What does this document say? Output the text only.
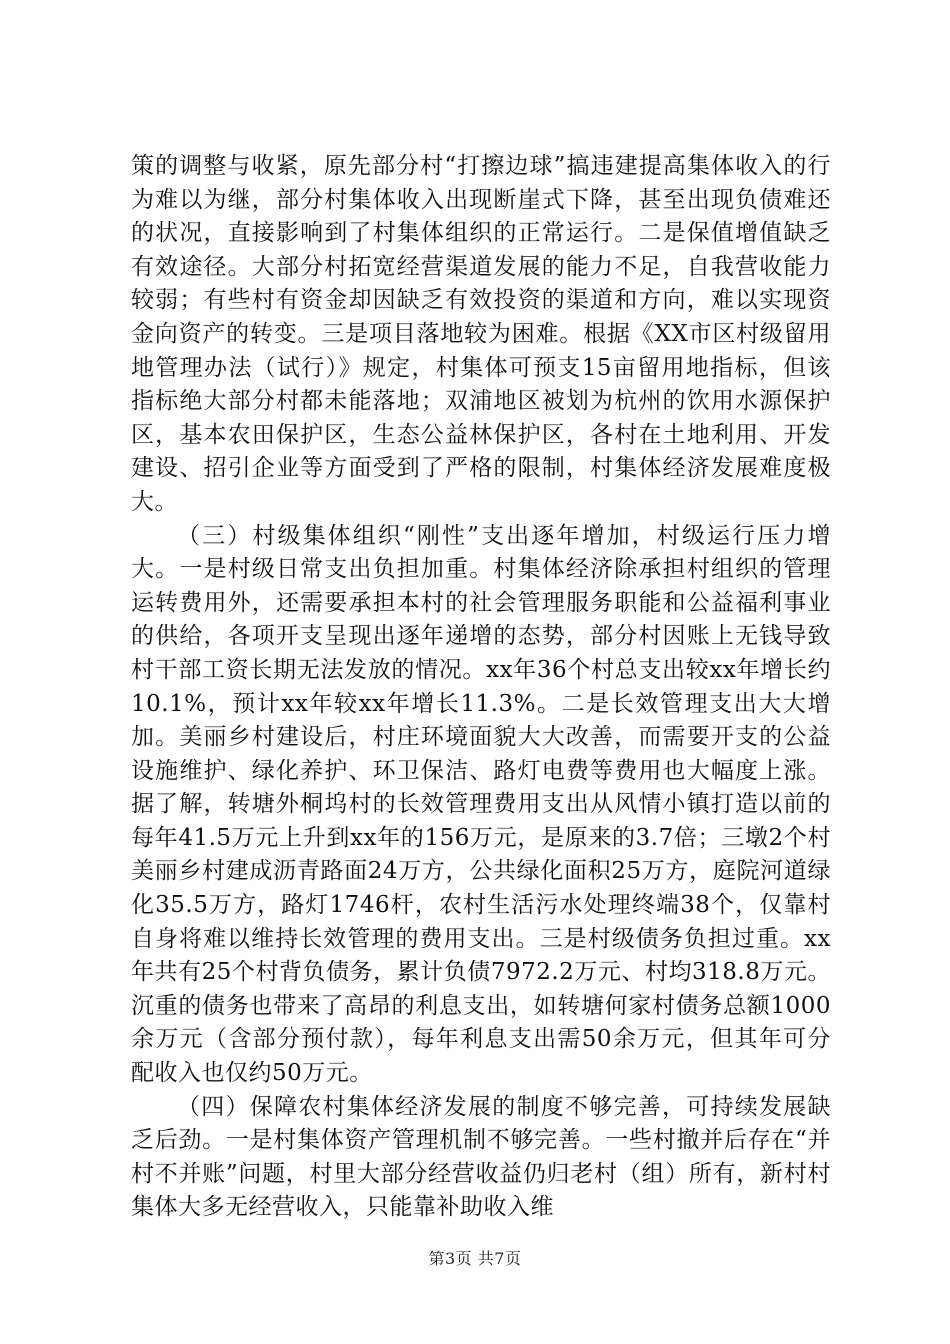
策的调整与收紧，原先部分村“打擦边球”搞违建提高集体收入的行为难以为继，部分村集体收入出现断崖式下降，甚至出现负债难还的状况，直接影响到了村集体组织的正常运行。二是保值增值缺乏有效途径。大部分村拓宽经营渠道发展的能力不足，自我营收能力较弱；有些村有资金却因缺乏有效投资的渠道和方向，难以实现资金向资产的转变。三是项目落地较为困难。根据《XX市区村级留用地管理办法（试行）》规定，村集体可预支15亩留用地指标，但该指标绝大部分村都未能落地；双浦地区被划为杭州的饮用水源保护区，基本农田保护区，生态公益林保护区，各村在土地利用、开发建设、招引企业等方面受到了严格的限制，村集体经济发展难度极大。

（三）村级集体组织“刚性”支出逐年增加，村级运行压力增大。一是村级日常支出负担加重。村集体经济除承担村组织的管理运转费用外，还需要承担本村的社会管理服务职能和公益福利事业的供给，各项开支呈现出逐年递增的态势，部分村因账上无钱导致村干部工资长期无法发放的情况。xx年36个村总支出较xx年增长约10.1%，预计xx年较xx年增长11.3%。二是长效管理支出大大增加。美丽乡村建设后，村庄环境面貌大大改善，而需要开支的公益设施维护、绿化养护、环卫保洁、路灯电费等费用也大幅度上涨。据了解，转塘外桐坞村的长效管理费用支出从风情小镇打造以前的每年41.5万元上升到xx年的156万元，是原来的3.7倍；三墩2个村美丽乡村建成沥青路面24万方，公共绿化面积25万方，庭院河道绿化35.5万方，路灯1746杆，农村生活污水处理终端38个，仅靠村自身将难以维持长效管理的费用支出。三是村级债务负担过重。xx年共有25个村背负债务，累计负债7972.2万元、村均318.8万元。沉重的债务也带来了高昂的利息支出，如转塘何家村债务总额1000余万元（含部分预付款），每年利息支出需50余万元，但其年可分配收入也仅约50万元。

（四）保障农村集体经济发展的制度不够完善，可持续发展缺乏后劲。一是村集体资产管理机制不够完善。一些村撤并后存在“并村不并账”问题，村里大部分经营收益仍归老村（组）所有，新村村集体大多无经营收入，只能靠补助收入维

第3页 共7页
